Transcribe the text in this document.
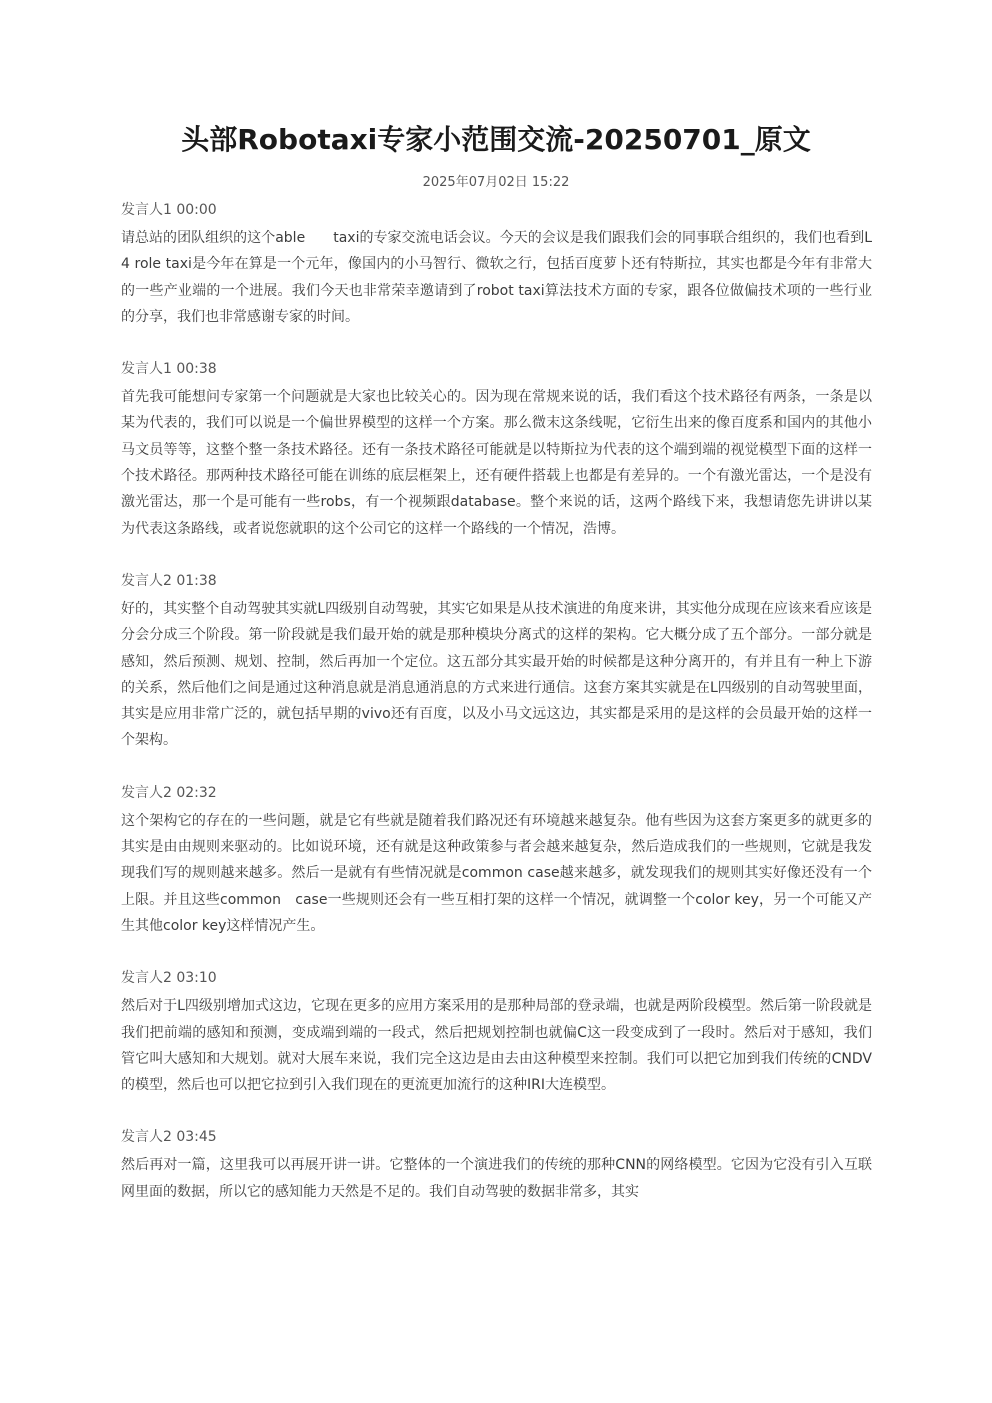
头部Robotaxi专家小范围交流-20250701_原文

2025年07月02日 15:22

发言人1 00:00

请总站的团队组织的这个able　　taxi的专家交流电话会议。今天的会议是我们跟我们会的同事联合组织的，我们也看到L4 role taxi是今年在算是一个元年，像国内的小马智行、微软之行，包括百度萝卜还有特斯拉，其实也都是今年有非常大的一些产业端的一个进展。我们今天也非常荣幸邀请到了robot taxi算法技术方面的专家，跟各位做偏技术项的一些行业的分享，我们也非常感谢专家的时间。

发言人1 00:38

首先我可能想问专家第一个问题就是大家也比较关心的。因为现在常规来说的话，我们看这个技术路径有两条，一条是以某为代表的，我们可以说是一个偏世界模型的这样一个方案。那么微末这条线呢，它衍生出来的像百度系和国内的其他小马文员等等，这整个整一条技术路径。还有一条技术路径可能就是以特斯拉为代表的这个端到端的视觉模型下面的这样一个技术路径。那两种技术路径可能在训练的底层框架上，还有硬件搭载上也都是有差异的。一个有激光雷达，一个是没有激光雷达，那一个是可能有一些robs，有一个视频跟database。整个来说的话，这两个路线下来，我想请您先讲讲以某为代表这条路线，或者说您就职的这个公司它的这样一个路线的一个情况，浩博。

发言人2 01:38

好的，其实整个自动驾驶其实就L四级别自动驾驶，其实它如果是从技术演进的角度来讲，其实他分成现在应该来看应该是分会分成三个阶段。第一阶段就是我们最开始的就是那种模块分离式的这样的架构。它大概分成了五个部分。一部分就是感知，然后预测、规划、控制，然后再加一个定位。这五部分其实最开始的时候都是这种分离开的，有并且有一种上下游的关系，然后他们之间是通过这种消息就是消息通消息的方式来进行通信。这套方案其实就是在L四级别的自动驾驶里面，其实是应用非常广泛的，就包括早期的vivo还有百度，以及小马文远这边，其实都是采用的是这样的会员最开始的这样一个架构。

发言人2 02:32

这个架构它的存在的一些问题，就是它有些就是随着我们路况还有环境越来越复杂。他有些因为这套方案更多的就更多的其实是由由规则来驱动的。比如说环境，还有就是这种政策参与者会越来越复杂，然后造成我们的一些规则，它就是我发现我们写的规则越来越多。然后一是就有有些情况就是common case越来越多，就发现我们的规则其实好像还没有一个上限。并且这些common　case一些规则还会有一些互相打架的这样一个情况，就调整一个color key，另一个可能又产生其他color key这样情况产生。

发言人2 03:10

然后对于L四级别增加式这边，它现在更多的应用方案采用的是那种局部的登录端，也就是两阶段模型。然后第一阶段就是我们把前端的感知和预测，变成端到端的一段式，然后把规划控制也就偏C这一段变成到了一段时。然后对于感知，我们管它叫大感知和大规划。就对大展车来说，我们完全这边是由去由这种模型来控制。我们可以把它加到我们传统的CNDV的模型，然后也可以把它拉到引入我们现在的更流更加流行的这种IRI大连模型。

发言人2 03:45

然后再对一篇，这里我可以再展开讲一讲。它整体的一个演进我们的传统的那种CNN的网络模型。它因为它没有引入互联网里面的数据，所以它的感知能力天然是不足的。我们自动驾驶的数据非常多，其实
